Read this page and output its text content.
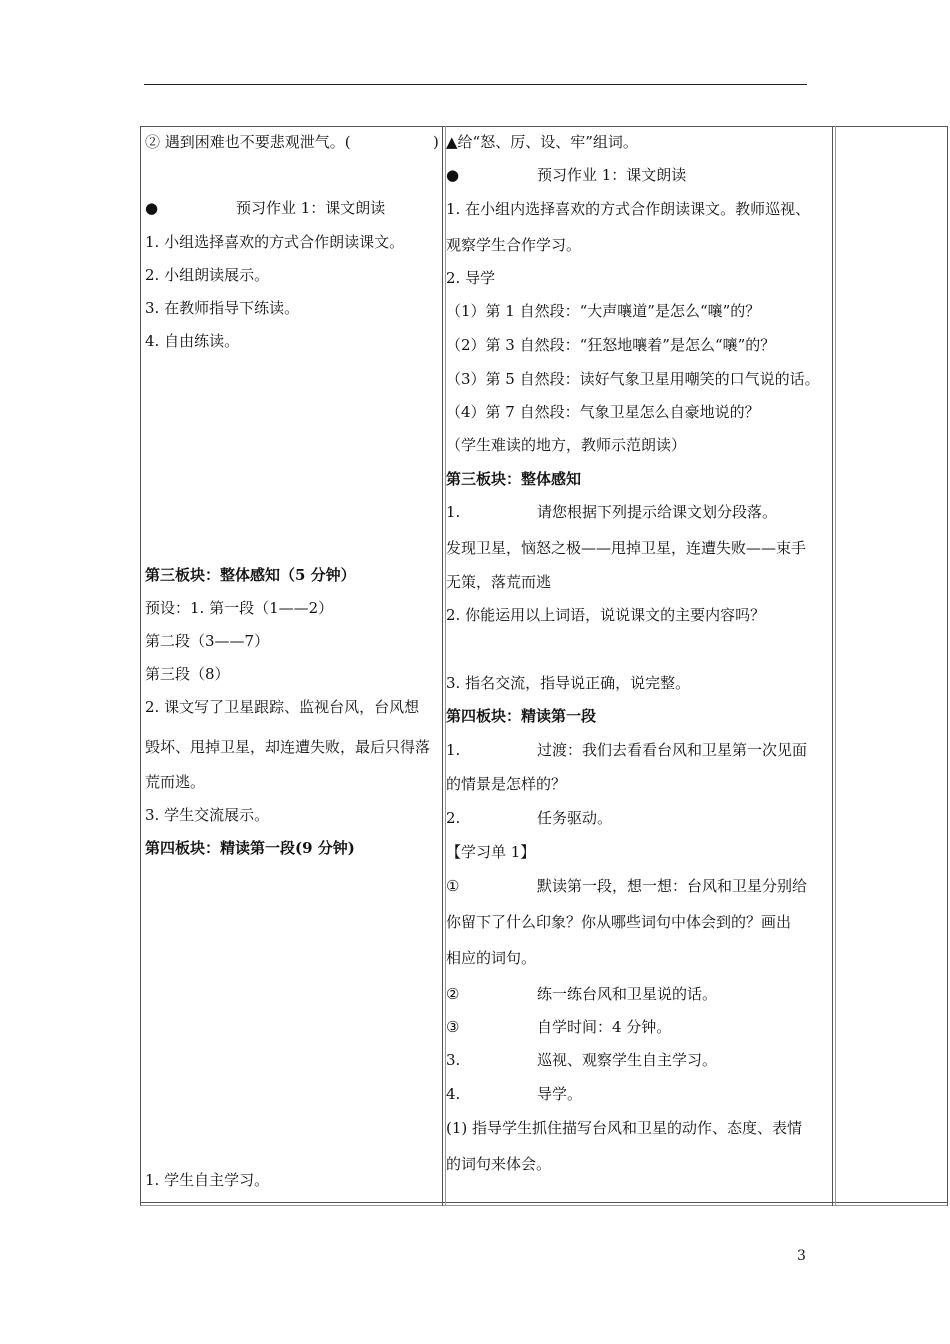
② 遇到困难也不要悲观泄气。(	)
●	预习作业 1：课文朗读
1. 小组选择喜欢的方式合作朗读课文。
2. 小组朗读展示。
3. 在教师指导下练读。
4. 自由练读。
第三板块：整体感知（5 分钟）
预设：1. 第一段（1——2）
第二段（3——7）
第三段（8）
2. 课文写了卫星跟踪、监视台风，台风想
毁坏、甩掉卫星，却连遭失败，最后只得落
荒而逃。
3. 学生交流展示。
第四板块：精读第一段(9 分钟)
1. 学生自主学习。
▲给“怒、厉、设、牢”组词。
●	预习作业 1：课文朗读
1. 在小组内选择喜欢的方式合作朗读课文。教师巡视、
观察学生合作学习。
2. 导学
（1）第 1 自然段：“大声嚷道”是怎么“嚷”的？
（2）第 3 自然段：“狂怒地嚷着”是怎么“嚷”的？
（3）第 5 自然段：读好气象卫星用嘲笑的口气说的话。
（4）第 7 自然段：气象卫星怎么自豪地说的？
（学生难读的地方，教师示范朗读）
第三板块：整体感知
1.	请您根据下列提示给课文划分段落。
发现卫星，恼怒之极——甩掉卫星，连遭失败——束手
无策，落荒而逃
2. 你能运用以上词语，说说课文的主要内容吗？
3. 指名交流，指导说正确，说完整。
第四板块：精读第一段
1.	过渡：我们去看看台风和卫星第一次见面
的情景是怎样的？
2.	任务驱动。
【学习单 1】
①	默读第一段，想一想：台风和卫星分别给
你留下了什么印象？你从哪些词句中体会到的？画出
相应的词句。
②	练一练台风和卫星说的话。
③	自学时间：4 分钟。
3.	巡视、观察学生自主学习。
4.	导学。
(1) 指导学生抓住描写台风和卫星的动作、态度、表情
的词句来体会。
3
